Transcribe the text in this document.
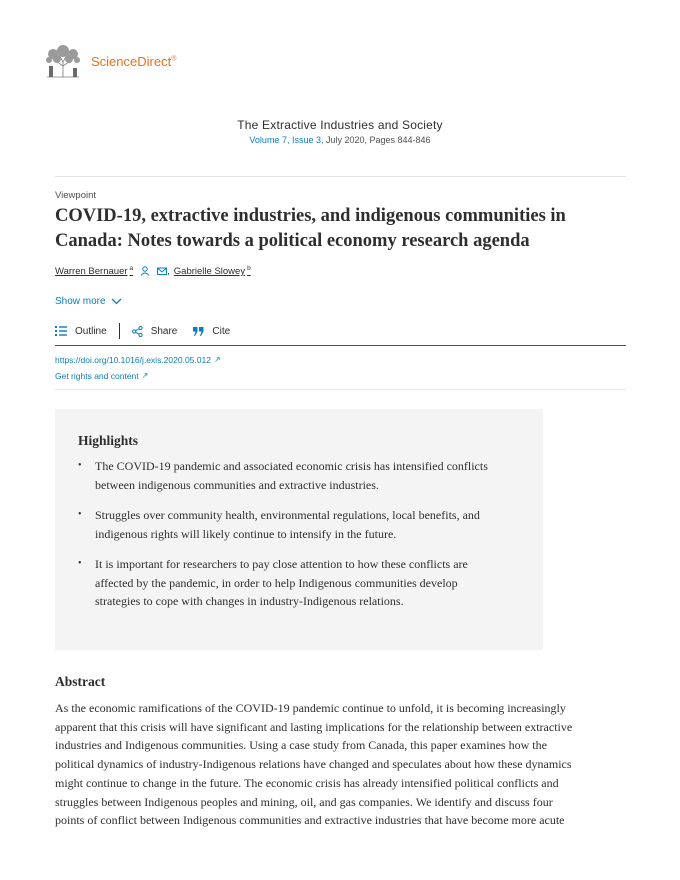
ScienceDirect®
The Extractive Industries and Society
Volume 7, Issue 3, July 2020, Pages 844-846
Viewpoint
COVID-19, extractive industries, and indigenous communities in Canada: Notes towards a political economy research agenda
Warren Bernauer $^a$	, Gabrielle Slowey $^b$
Show more
Outline	Share	Cite
https://doi.org/10.1016/j.exis.2020.05.012 ↗
Get rights and content ↗
Highlights
• The COVID-19 pandemic and associated economic crisis has intensified conflicts
between indigenous communities and extractive industries.
• Struggles over community health, environmental regulations, local benefits, and
indigenous rights will likely continue to intensify in the future.
• It is important for researchers to pay close attention to how these conflicts are
affected by the pandemic, in order to help Indigenous communities develop
strategies to cope with changes in industry-Indigenous relations.
Abstract
As the economic ramifications of the COVID-19 pandemic continue to unfold, it is becoming increasingly
apparent that this crisis will have significant and lasting implications for the relationship between extractive
industries and Indigenous communities. Using a case study from Canada, this paper examines how the
political dynamics of industry-Indigenous relations have changed and speculates about how these dynamics
might continue to change in the future. The economic crisis has already intensified political conflicts and
struggles between Indigenous peoples and mining, oil, and gas companies. We identify and discuss four
points of conflict between Indigenous communities and extractive industries that have become more acute
